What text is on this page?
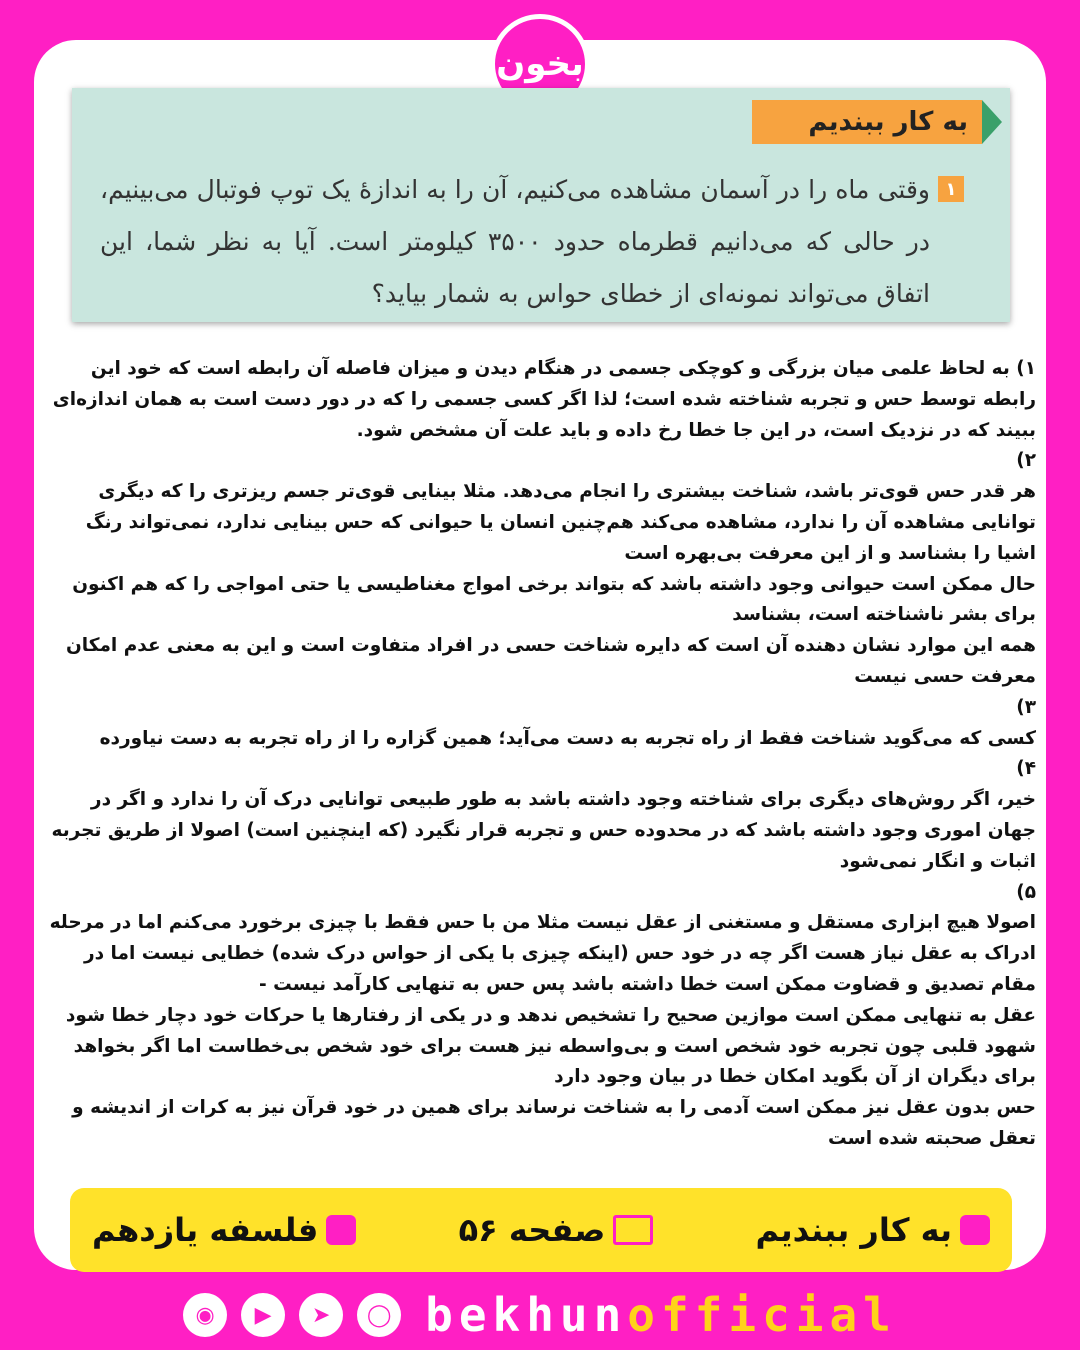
بخون
به کار ببندیم
۱
وقتی ماه را در آسمان مشاهده می‌کنیم، آن را به اندازهٔ یک توپ فوتبال می‌بینیم، در حالی که می‌دانیم قطرماه حدود ۳۵۰۰ کیلومتر است. آیا به نظر شما، این اتفاق می‌تواند نمونه‌ای از خطای حواس به شمار بیاید؟

۱) به لحاظ علمی میان بزرگی و کوچکی جسمی در هنگام دیدن و میزان فاصله آن رابطه است که خود این رابطه توسط حس و تجربه شناخته شده است؛ لذا اگر کسی جسمی را که در دور دست است به همان اندازه‌ای ببیند که در نزدیک است، در این جا خطا رخ داده و باید علت آن مشخص شود.

۲)

هر قدر حس قوی‌تر باشد، شناخت بیشتری را انجام می‌دهد. مثلا بینایی قوی‌تر جسم ریزتری را که دیگری توانایی مشاهده آن را ندارد، مشاهده می‌کند هم‌چنین انسان یا حیوانی که حس بینایی ندارد، نمی‌تواند رنگ اشیا را بشناسد و از این معرفت بی‌بهره است

حال ممکن است حیوانی وجود داشته باشد که بتواند برخی امواج مغناطیسی یا حتی امواجی را که هم اکنون برای بشر ناشناخته است، بشناسد

همه این موارد نشان دهنده آن است که دایره شناخت حسی در افراد متفاوت است و این به معنی عدم امکان معرفت حسی نیست

۳)

کسی که می‌گوید شناخت فقط از راه تجربه به دست می‌آید؛ همین گزاره را از راه تجربه به دست نیاورده

۴)

خیر، اگر روش‌های دیگری برای شناخته وجود داشته باشد به طور طبیعی توانایی درک آن را ندارد و اگر در جهان اموری وجود داشته باشد که در محدوده حس و تجربه قرار نگیرد (که اینچنین است) اصولا از طریق تجربه اثبات و انگار نمی‌شود

۵)

اصولا هیچ ابزاری مستقل و مستغنی از عقل نیست مثلا من با حس فقط با چیزی برخورد می‌کنم اما در مرحله ادراک به عقل نیاز هست اگر چه در خود حس (اینکه چیزی با یکی از حواس درک شده) خطایی نیست اما در مقام تصدیق و قضاوت ممکن است خطا داشته باشد پس حس به تنهایی کارآمد نیست -

عقل به تنهایی ممکن است موازین صحیح را تشخیص ندهد و در یکی از رفتارها یا حرکات خود دچار خطا شود شهود قلبی چون تجربه خود شخص است و بی‌واسطه نیز هست برای خود شخص بی‌خطاست اما اگر بخواهد برای دیگران از آن بگوید امکان خطا در بیان وجود دارد

حس بدون عقل نیز ممکن است آدمی را به شناخت نرساند برای همین در خود قرآن نیز به کرات از اندیشه و تعقل صحبته شده است

به کار ببندیم
صفحه ۵۶
فلسفه یازدهم
◉	▶	➤	◯ bekhun official
